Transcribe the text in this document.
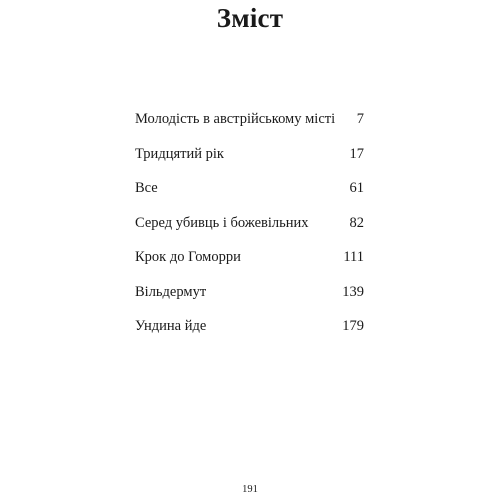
Зміст
Молодість в австрійському місті 7
Тридцятий рік	17
Все	61
Серед убивць і божевільних	82
Крок до Гоморри	111
Вільдермут	139
Ундина йде	179

191
